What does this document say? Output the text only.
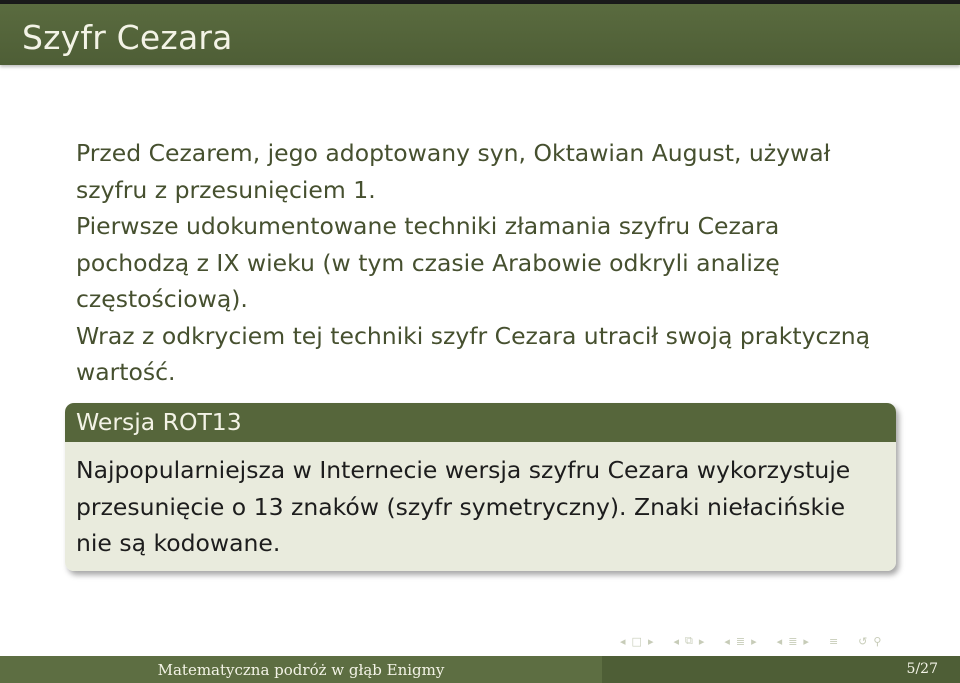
Szyfr Cezara

Przed Cezarem, jego adoptowany syn, Oktawian August, używał szyfru z przesunięciem 1.

Pierwsze udokumentowane techniki złamania szyfru Cezara pochodzą z IX wieku (w tym czasie Arabowie odkryli analizę częstościową).

Wraz z odkryciem tej techniki szyfr Cezara utracił swoją praktyczną wartość.

Wersja ROT13

Najpopularniejsza w Internecie wersja szyfru Cezara wykorzystuje przesunięcie o 13 znaków (szyfr symetryczny). Znaki niełacińskie nie są kodowane.

◂ □ ▸ ◂ ⧉ ▸ ◂ ≣ ▸ ◂ ≣ ▸ ≡ ↺ ⚲
Matematyczna podróż w głąb Enigmy	5/27
